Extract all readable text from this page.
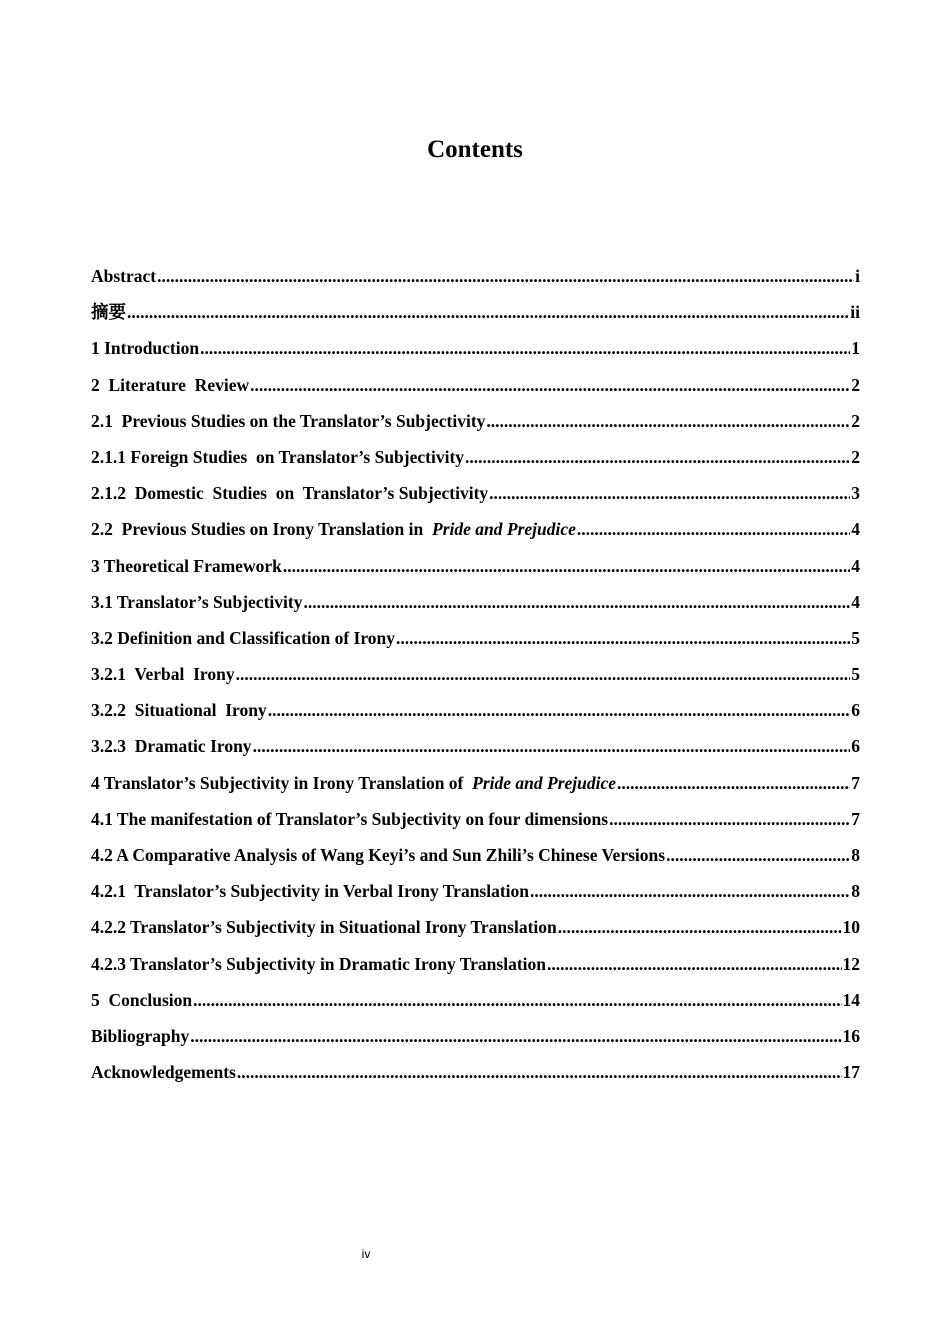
Contents
Abstract .....	i
摘要 .....	ii
1 Introduction .....	1
2  Literature  Review .....	2
2.1  Previous Studies on the Translator’s Subjectivity .....	2
2.1.1 Foreign Studies  on Translator’s Subjectivity .....	2
2.1.2  Domestic  Studies  on  Translator’s Subjectivity .....	3
2.2  Previous Studies on Irony Translation in  Pride and Prejudice .....	4
3 Theoretical Framework .....	4
3.1 Translator’s Subjectivity .....	4
3.2 Definition and Classification of Irony .....	5
3.2.1  Verbal  Irony .....	5
3.2.2  Situational  Irony .....	6
3.2.3  Dramatic Irony .....	6
4 Translator’s Subjectivity in Irony Translation of  Pride and Prejudice .....	7
4.1 The manifestation of Translator’s Subjectivity on four dimensions .....	7
4.2 A Comparative Analysis of Wang Keyi’s and Sun Zhili’s Chinese Versions .....	8
4.2.1  Translator’s Subjectivity in Verbal Irony Translation .....	8
4.2.2 Translator’s Subjectivity in Situational Irony Translation .....	10
4.2.3 Translator’s Subjectivity in Dramatic Irony Translation .....	12
5  Conclusion .....	14
Bibliography .....	16
Acknowledgements .....	17
iv
